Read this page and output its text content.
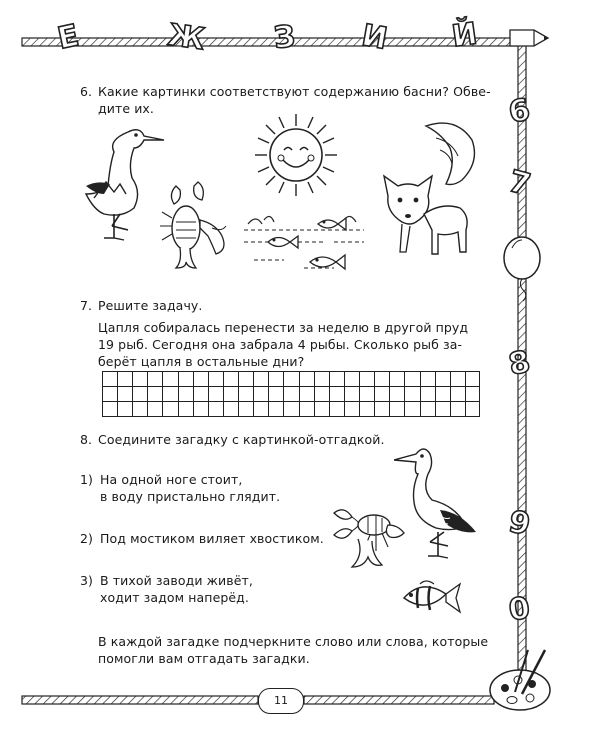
Е	Ж З И Й
6
7
8
9
0
6. Какие картинки соответствуют содержанию басни? Обве-
дите их.
7. Решите задачу.
Цапля собиралась перенести за неделю в другой пруд
19 рыб. Сегодня она забрала 4 рыбы. Сколько рыб за-
берёт цапля в остальные дни?
8. Соедините загадку с картинкой-отгадкой.
1) На одной ноге стоит,
в воду пристально глядит.
2) Под мостиком виляет хвостиком.
3) В тихой заводи живёт,
ходит задом наперёд.
В каждой загадке подчеркните слово или слова, которые
помогли вам отгадать загадки.
11
